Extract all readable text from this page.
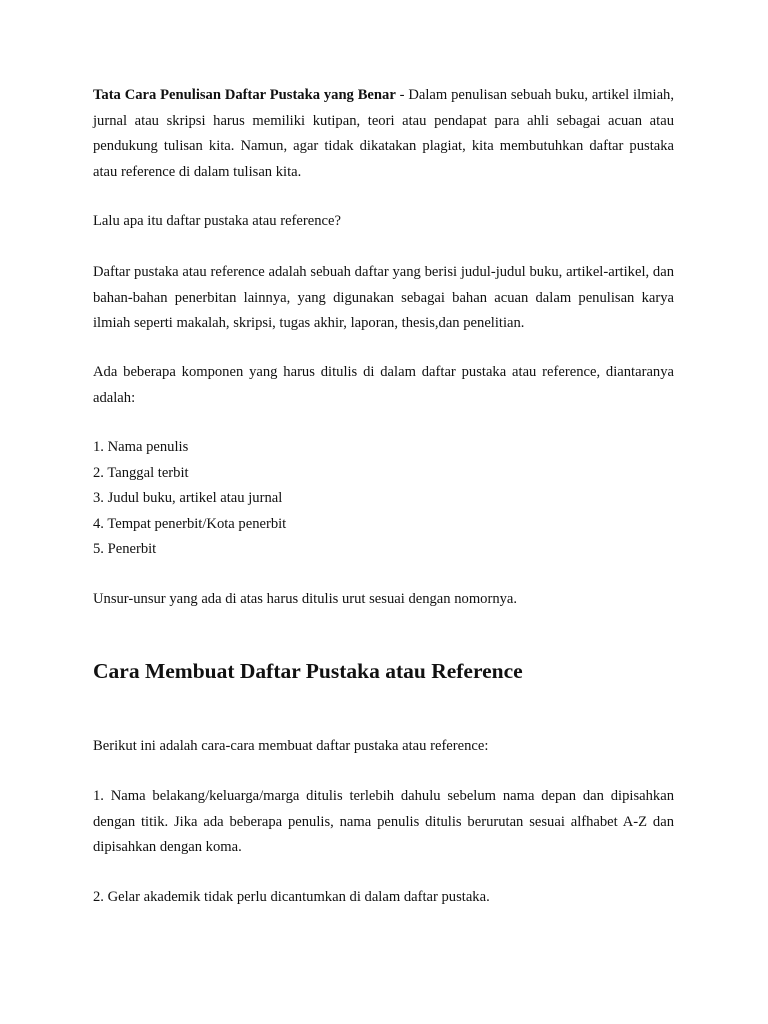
Tata Cara Penulisan Daftar Pustaka yang Benar - Dalam penulisan sebuah buku, artikel ilmiah, jurnal atau skripsi harus memiliki kutipan, teori atau pendapat para ahli sebagai acuan atau pendukung tulisan kita. Namun, agar tidak dikatakan plagiat, kita membutuhkan daftar pustaka atau reference di dalam tulisan kita.

Lalu apa itu daftar pustaka atau reference?

Daftar pustaka atau reference adalah sebuah daftar yang berisi judul-judul buku, artikel-artikel, dan bahan-bahan penerbitan lainnya, yang digunakan sebagai bahan acuan dalam penulisan karya ilmiah seperti makalah, skripsi, tugas akhir, laporan, thesis,dan penelitian.

Ada beberapa komponen yang harus ditulis di dalam daftar pustaka atau reference, diantaranya adalah:

1. Nama penulis
2. Tanggal terbit
3. Judul buku, artikel atau jurnal
4. Tempat penerbit/Kota penerbit
5. Penerbit

Unsur-unsur yang ada di atas harus ditulis urut sesuai dengan nomornya.

Cara Membuat Daftar Pustaka atau Reference

Berikut ini adalah cara-cara membuat daftar pustaka atau reference:

1. Nama belakang/keluarga/marga ditulis terlebih dahulu sebelum nama depan dan dipisahkan dengan titik. Jika ada beberapa penulis, nama penulis ditulis berurutan sesuai alfhabet A-Z dan dipisahkan dengan koma.

2. Gelar akademik tidak perlu dicantumkan di dalam daftar pustaka.
